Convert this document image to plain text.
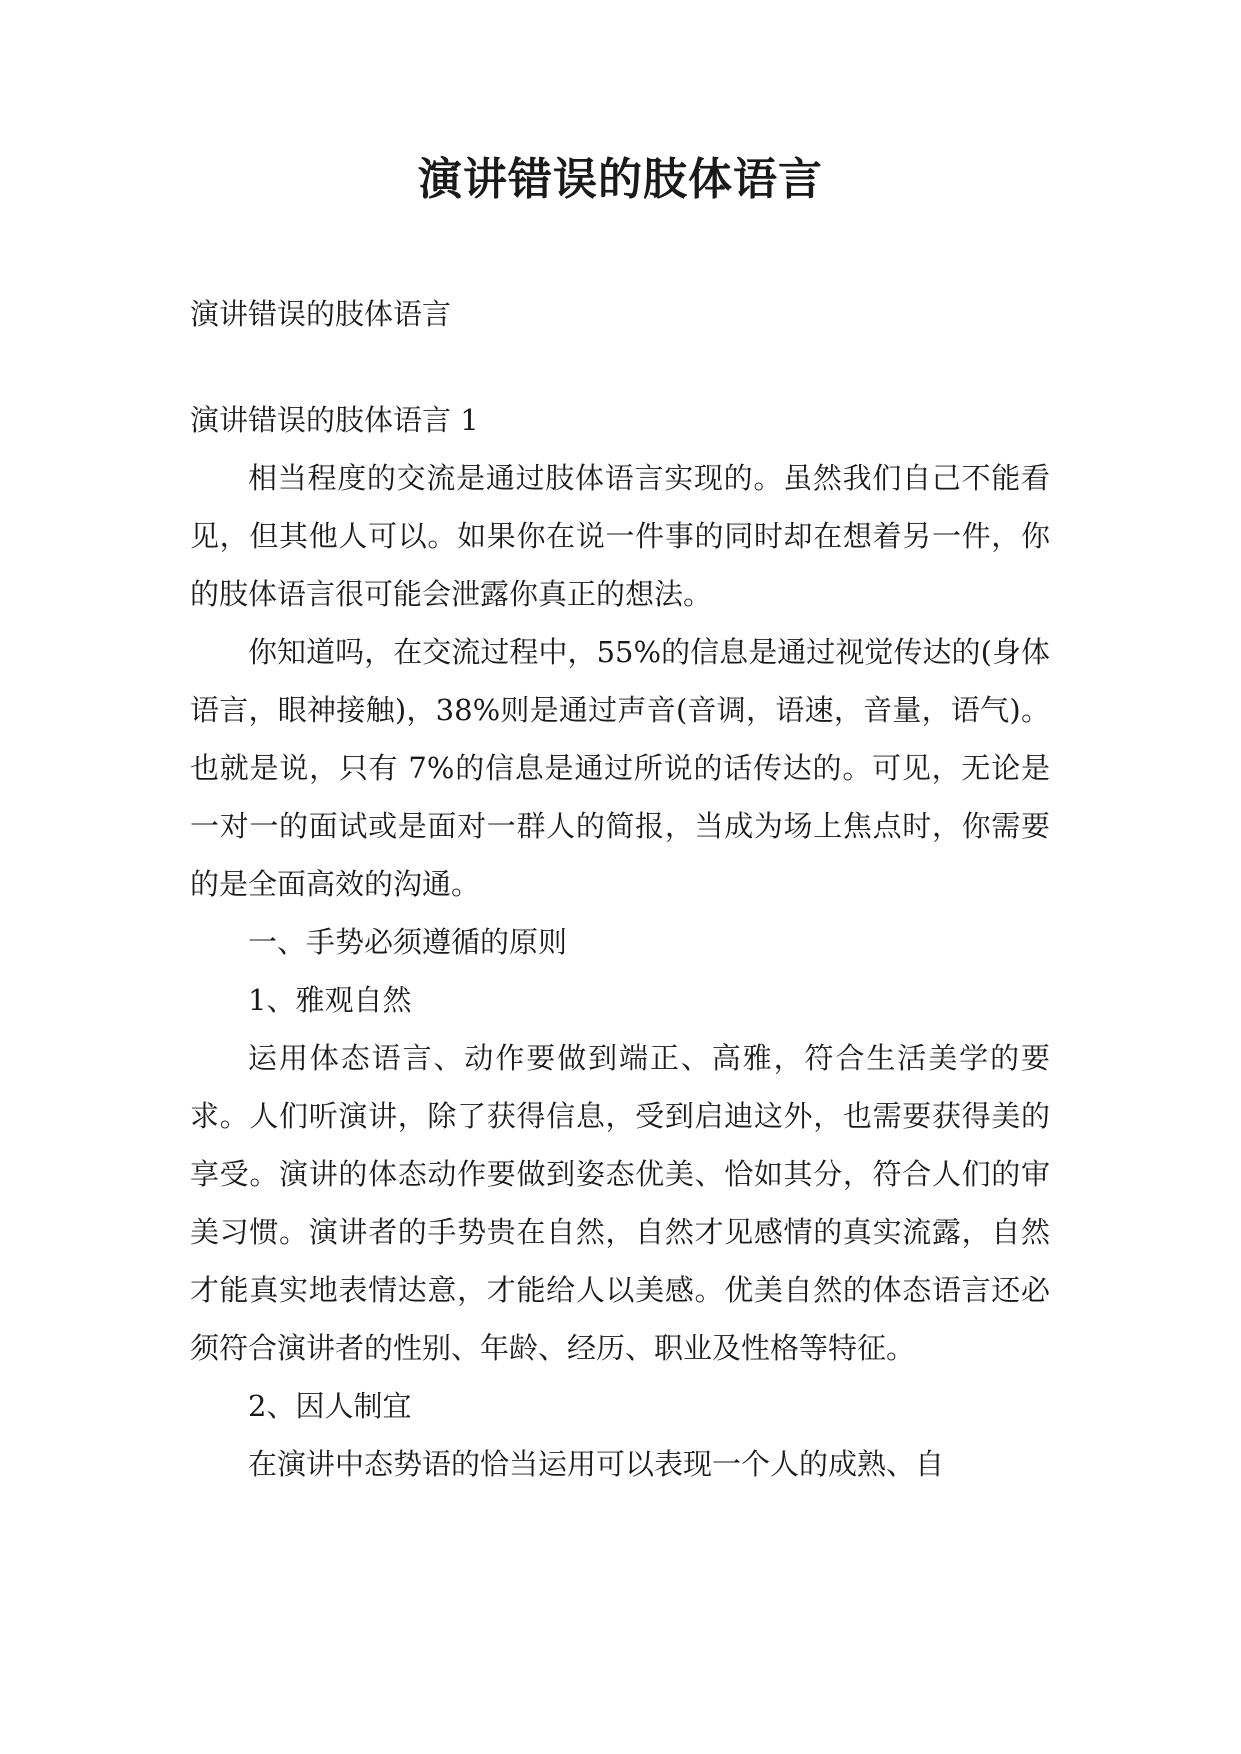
演讲错误的肢体语言

演讲错误的肢体语言

演讲错误的肢体语言 1

相当程度的交流是通过肢体语言实现的。虽然我们自己不能看见，但其他人可以。如果你在说一件事的同时却在想着另一件，你的肢体语言很可能会泄露你真正的想法。

你知道吗，在交流过程中，55%的信息是通过视觉传达的(身体语言，眼神接触)，38%则是通过声音(音调，语速，音量，语气)。也就是说，只有 7%的信息是通过所说的话传达的。可见，无论是一对一的面试或是面对一群人的简报，当成为场上焦点时，你需要的是全面高效的沟通。

一、手势必须遵循的原则

1、雅观自然

运用体态语言、动作要做到端正、高雅，符合生活美学的要求。人们听演讲，除了获得信息，受到启迪这外，也需要获得美的享受。演讲的体态动作要做到姿态优美、恰如其分，符合人们的审美习惯。演讲者的手势贵在自然，自然才见感情的真实流露，自然才能真实地表情达意，才能给人以美感。优美自然的体态语言还必须符合演讲者的性别、年龄、经历、职业及性格等特征。

2、因人制宜

在演讲中态势语的恰当运用可以表现一个人的成熟、自
